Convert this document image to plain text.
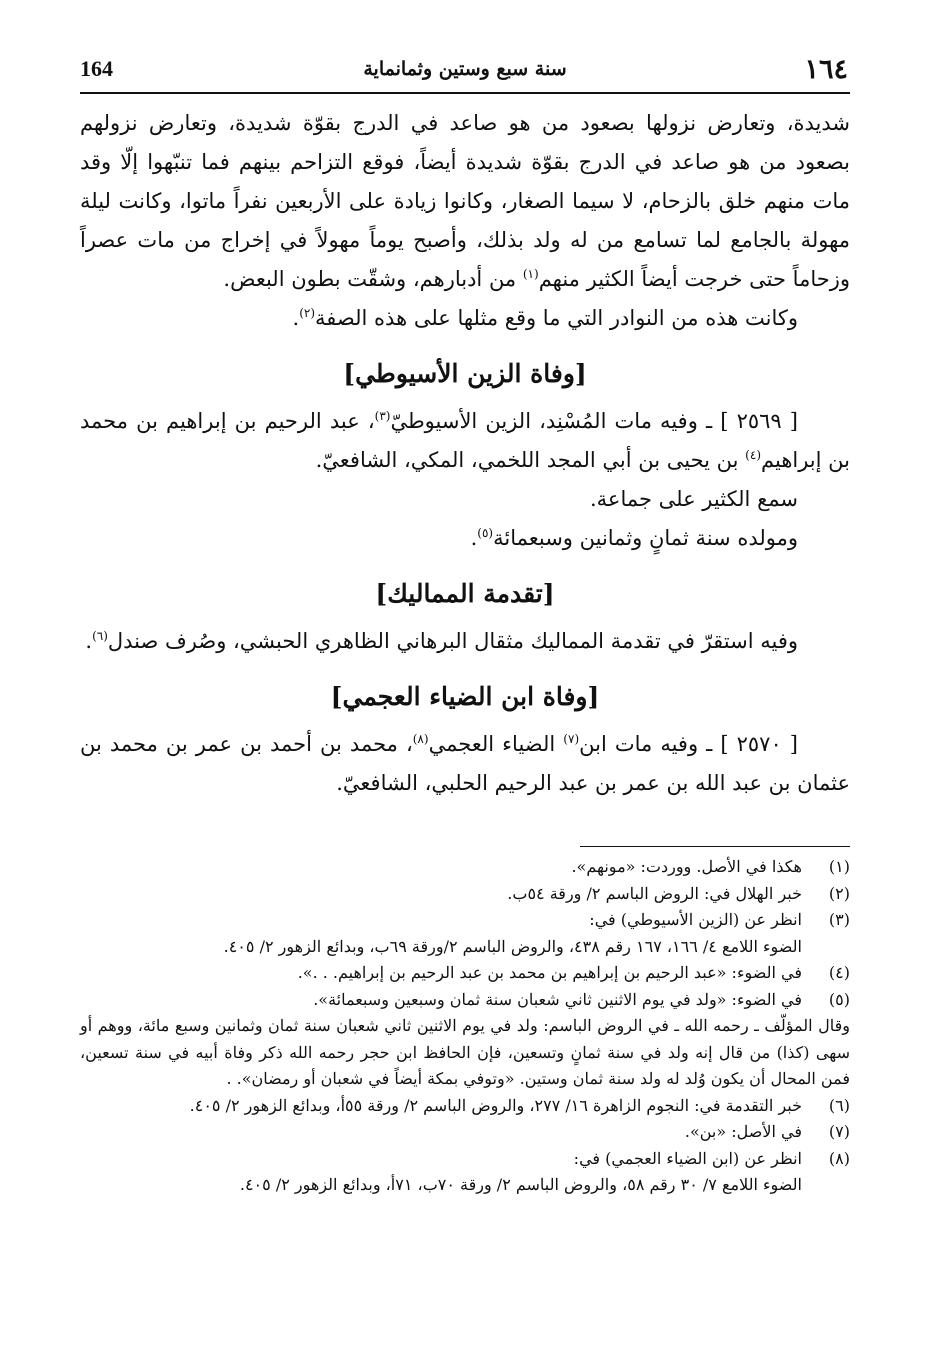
١٦٤
سنة سبع وستين وثمانماية
164

شديدة، وتعارض نزولها بصعود من هو صاعد في الدرج بقوّة شديدة، وتعارض نزولهم بصعود من هو صاعد في الدرج بقوّة شديدة أيضاً، فوقع التزاحم بينهم فما تنبّهوا إلّا وقد مات منهم خلق بالزحام، لا سيما الصغار، وكانوا زيادة على الأربعين نفراً ماتوا، وكانت ليلة مهولة بالجامع لما تسامع من له ولد بذلك، وأصبح يوماً مهولاً في إخراج من مات عصراً وزحاماً حتى خرجت أيضاً الكثير منهم$^{(١)}$ من أدبارهم، وشقّت بطون البعض.

وكانت هذه من النوادر التي ما وقع مثلها على هذه الصفة$^{(٢)}$.

[وفاة الزين الأسيوطي]

[ ٢٥٦٩ ] ـ وفيه مات المُسْنِد، الزين الأسيوطيّ$^{(٣)}$، عبد الرحيم بن إبراهيم بن محمد بن إبراهيم$^{(٤)}$ بن يحيى بن أبي المجد اللخمي، المكي، الشافعيّ.

سمع الكثير على جماعة.

ومولده سنة ثمانٍ وثمانين وسبعمائة$^{(٥)}$.

[تقدمة المماليك]

وفيه استقرّ في تقدمة المماليك مثقال البرهاني الظاهري الحبشي، وصُرف صندل$^{(٦)}$.

[وفاة ابن الضياء العجمي]

[ ٢٥٧٠ ] ـ وفيه مات ابن$^{(٧)}$ الضياء العجمي$^{(٨)}$، محمد بن أحمد بن عمر بن محمد بن عثمان بن عبد الله بن عمر بن عبد الرحيم الحلبي، الشافعيّ.

(١)
هكذا في الأصل. ووردت: «مونهم».
(٢)
خبر الهلال في: الروض الباسم ٢/ ورقة ٥٤ب.
(٣)
انظر عن (الزين الأسيوطي) في:

الضوء اللامع ٤/ ١٦٦، ١٦٧ رقم ٤٣٨، والروض الباسم ٢/ورقة ٦٩ب، وبدائع الزهور ٢/ ٤٠٥.

(٤)
في الضوء: «عبد الرحيم بن إبراهيم بن محمد بن عبد الرحيم بن إبراهيم. . .».
(٥)
في الضوء: «ولد في يوم الاثنين ثاني شعبان سنة ثمان وسبعين وسبعمائة».

وقال المؤلّف ـ رحمه الله ـ في الروض الباسم: ولد في يوم الاثنين ثاني شعبان سنة ثمان وثمانين وسبع مائة، ووهم أو سهى (كذا) من قال إنه ولد في سنة ثمانٍ وتسعين، فإن الحافظ ابن حجر رحمه الله ذكر وفاة أبيه في سنة تسعين، فمن المحال أن يكون وُلد له ولد سنة ثمان وستين. «وتوفي بمكة أيضاً في شعبان أو رمضان». .

(٦)
خبر التقدمة في: النجوم الزاهرة ١٦/ ٢٧٧، والروض الباسم ٢/ ورقة ٥٥أ، وبدائع الزهور ٢/ ٤٠٥.
(٧)
في الأصل: «بن».
(٨)
انظر عن (ابن الضياء العجمي) في:

الضوء اللامع ٧/ ٣٠ رقم ٥٨، والروض الباسم ٢/ ورقة ٧٠ب، ٧١أ، وبدائع الزهور ٢/ ٤٠٥.
